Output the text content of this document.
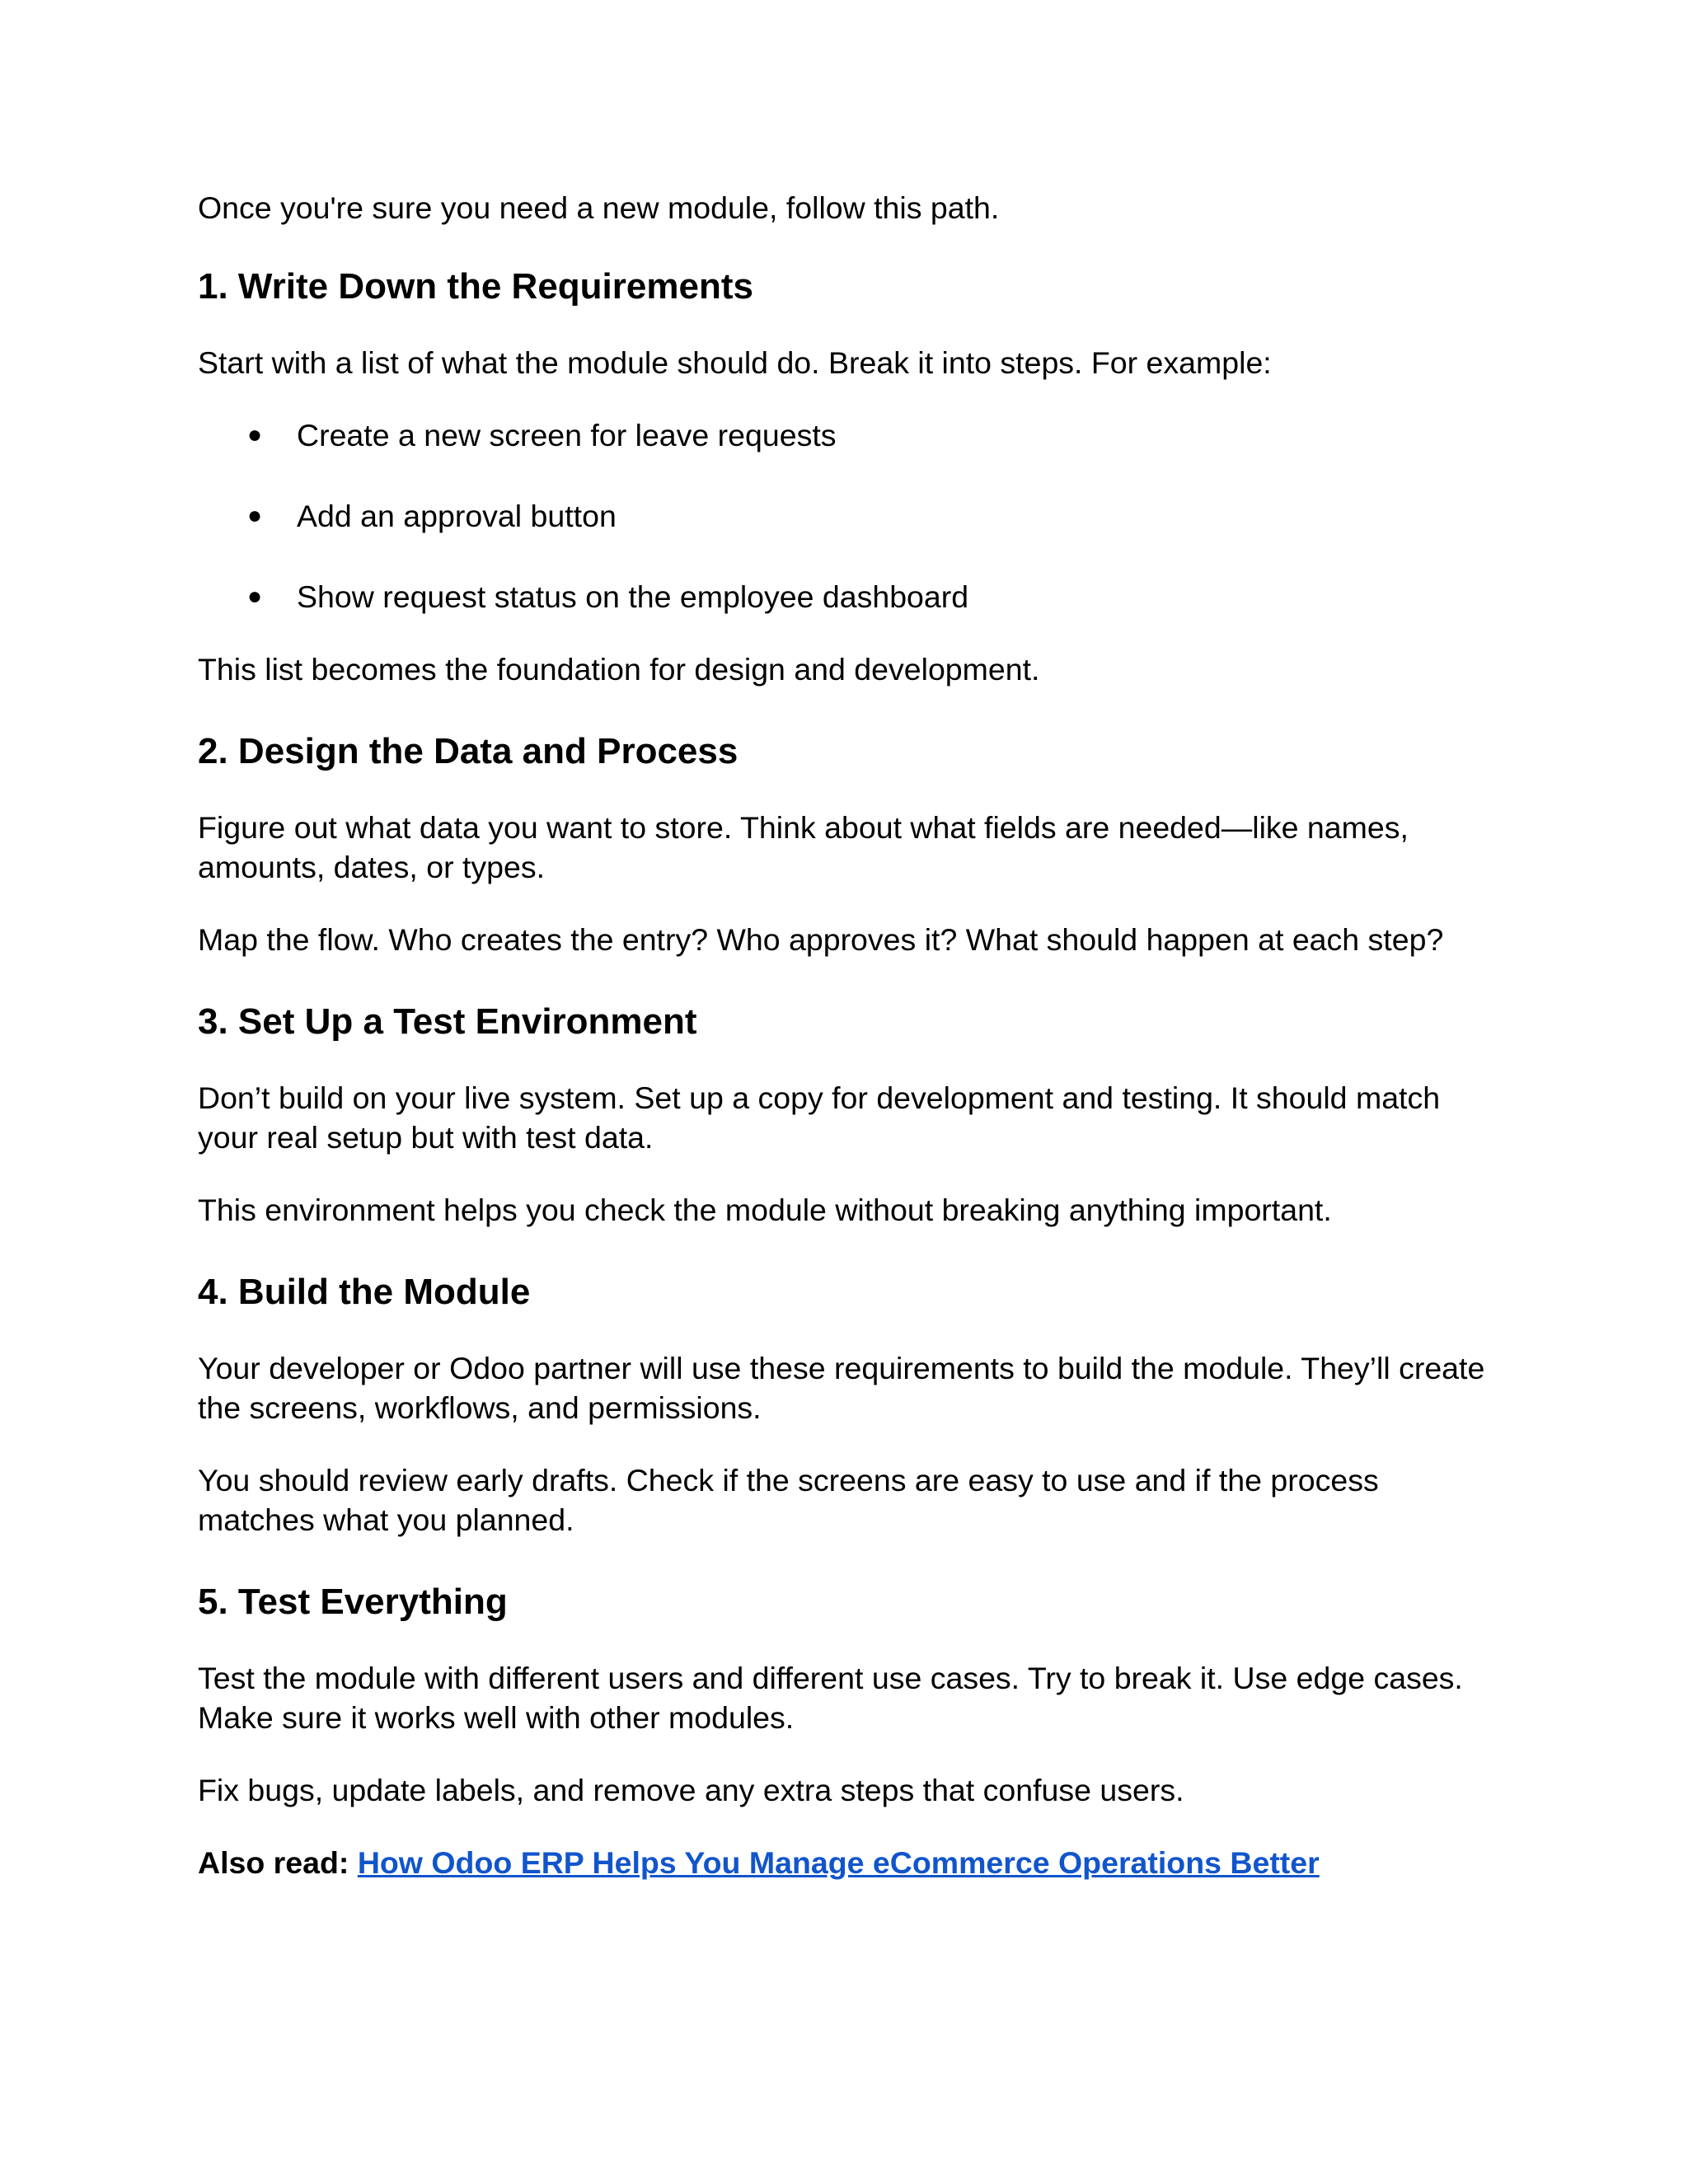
Once you're sure you need a new module, follow this path.

1. Write Down the Requirements

Start with a list of what the module should do. Break it into steps. For example:

● Create a new screen for leave requests
● Add an approval button
● Show request status on the employee dashboard

This list becomes the foundation for design and development.

2. Design the Data and Process

Figure out what data you want to store. Think about what fields are needed—like names, amounts, dates, or types.

Map the flow. Who creates the entry? Who approves it? What should happen at each step?

3. Set Up a Test Environment

Don’t build on your live system. Set up a copy for development and testing. It should match your real setup but with test data.

This environment helps you check the module without breaking anything important.

4. Build the Module

Your developer or Odoo partner will use these requirements to build the module. They’ll create the screens, workflows, and permissions.

You should review early drafts. Check if the screens are easy to use and if the process matches what you planned.

5. Test Everything

Test the module with different users and different use cases. Try to break it. Use edge cases. Make sure it works well with other modules.

Fix bugs, update labels, and remove any extra steps that confuse users.

Also read: How Odoo ERP Helps You Manage eCommerce Operations Better
